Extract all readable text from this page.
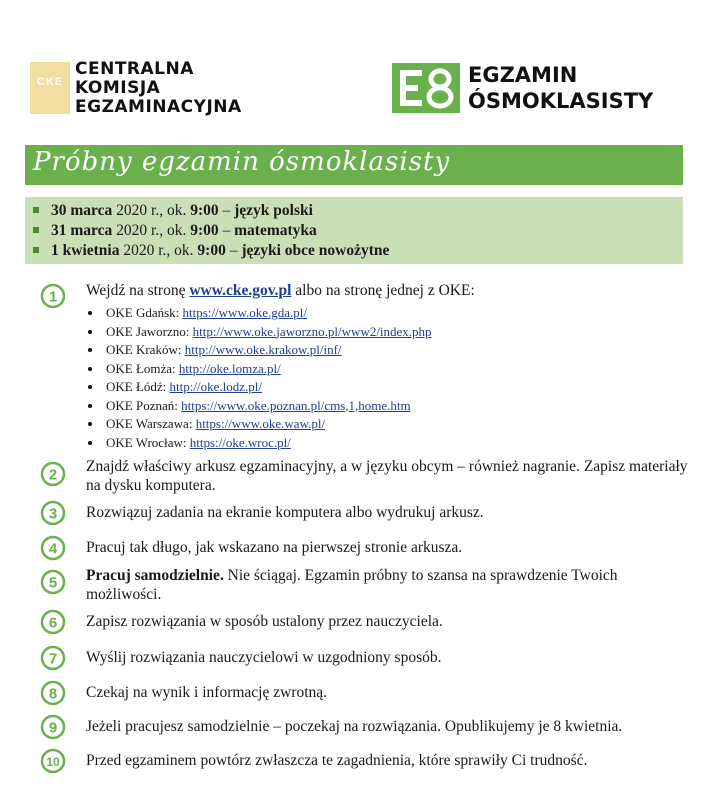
CKE
CENTRALNA
KOMISJA
EGZAMINACYJNA
EGZAMIN
ÓSMOKLASISTY
Próbny egzamin ósmoklasisty
30 marca 2020 r., ok. 9:00 – język polski
31 marca 2020 r., ok. 9:00 – matematyka
1 kwietnia 2020 r., ok. 9:00 – języki obce nowożytne
1 Wejdź na stronę www.cke.gov.pl albo na stronę jednej z OKE:
OKE Gdańsk: https://www.oke.gda.pl/
OKE Jaworzno: http://www.oke.jaworzno.pl/www2/index.php
OKE Kraków: http://www.oke.krakow.pl/inf/
OKE Łomża: http://oke.lomza.pl/
OKE Łódź: http://oke.lodz.pl/
OKE Poznań: https://www.oke.poznan.pl/cms,1,home.htm
OKE Warszawa: https://www.oke.waw.pl/
OKE Wrocław: https://oke.wroc.pl/
2 Znajdź właściwy arkusz egzaminacyjny, a w języku obcym – również nagranie. Zapisz materiały na dysku komputera.
3 Rozwiązuj zadania na ekranie komputera albo wydrukuj arkusz.
4 Pracuj tak długo, jak wskazano na pierwszej stronie arkusza.
5 Pracuj samodzielnie. Nie ściągaj. Egzamin próbny to szansa na sprawdzenie Twoich możliwości.
6 Zapisz rozwiązania w sposób ustalony przez nauczyciela.
7 Wyślij rozwiązania nauczycielowi w uzgodniony sposób.
8 Czekaj na wynik i informację zwrotną.
9 Jeżeli pracujesz samodzielnie – poczekaj na rozwiązania. Opublikujemy je 8 kwietnia.
10 Przed egzaminem powtórz zwłaszcza te zagadnienia, które sprawiły Ci trudność.
